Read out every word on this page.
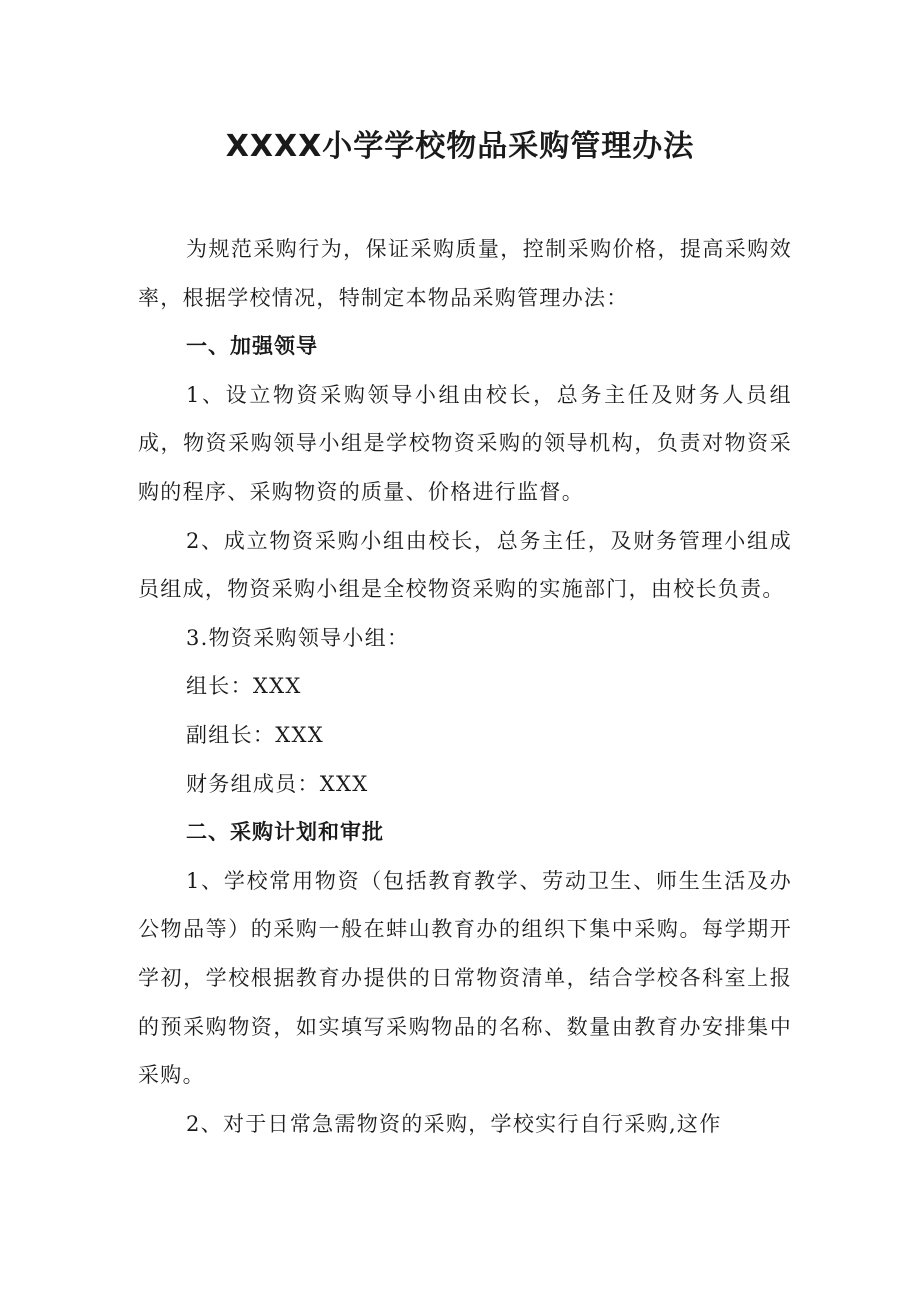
XXXX小学学校物品采购管理办法

为规范采购行为，保证采购质量，控制采购价格，提高采购效率，根据学校情况，特制定本物品采购管理办法：

一、加强领导

1、设立物资采购领导小组由校长，总务主任及财务人员组成，物资采购领导小组是学校物资采购的领导机构，负责对物资采购的程序、采购物资的质量、价格进行监督。

2、成立物资采购小组由校长，总务主任，及财务管理小组成员组成，物资采购小组是全校物资采购的实施部门，由校长负责。

3.物资采购领导小组：

组长：XXX

副组长：XXX

财务组成员：XXX

二、采购计划和审批

1、学校常用物资（包括教育教学、劳动卫生、师生生活及办公物品等）的采购一般在蚌山教育办的组织下集中采购。每学期开学初，学校根据教育办提供的日常物资清单，结合学校各科室上报的预采购物资，如实填写采购物品的名称、数量由教育办安排集中采购。

2、对于日常急需物资的采购，学校实行自行采购,这作
